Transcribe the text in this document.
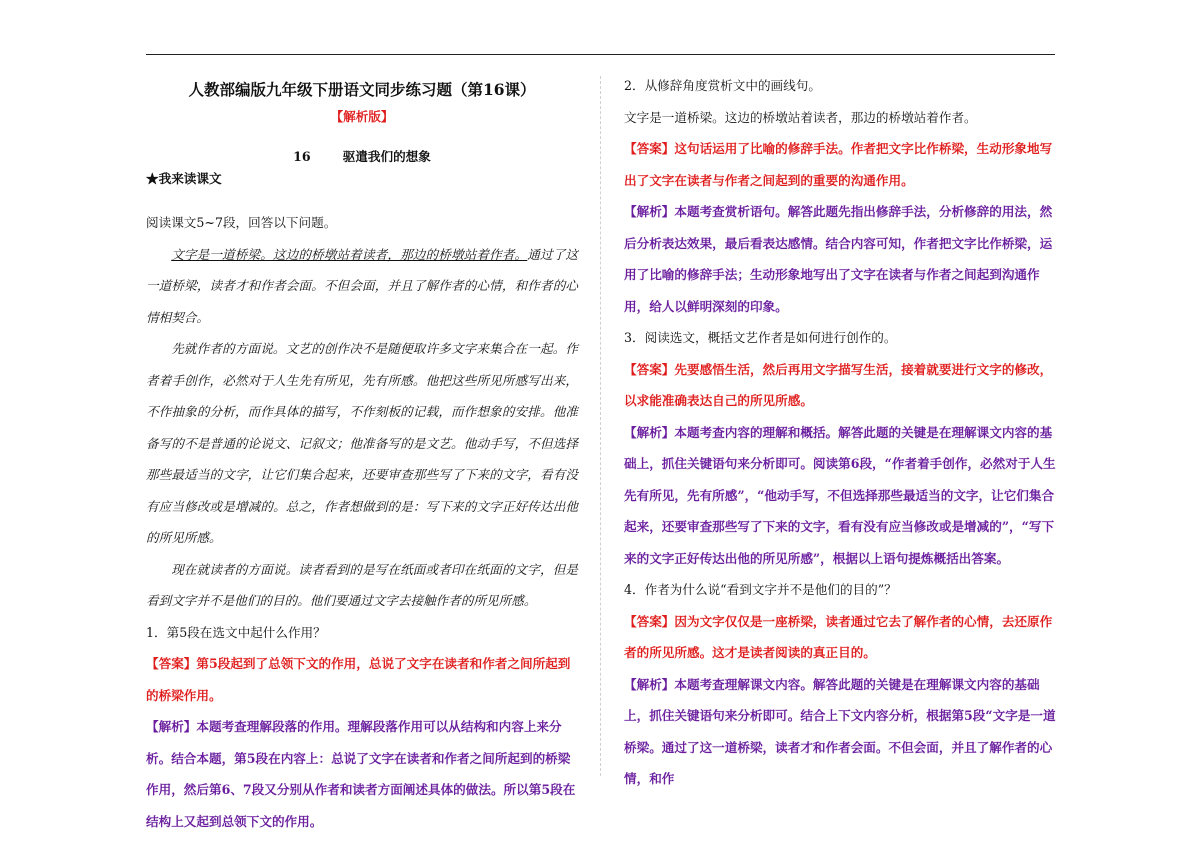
人教部编版九年级下册语文同步练习题（第16课）
【解析版】
16	驱遣我们的想象
★我来读课文

阅读课文5~7段，回答以下问题。

文字是一道桥梁。这边的桥墩站着读者，那边的桥墩站着作者。通过了这一道桥梁，读者才和作者会面。不但会面，并且了解作者的心情，和作者的心情相契合。

先就作者的方面说。文艺的创作决不是随便取许多文字来集合在一起。作者着手创作，必然对于人生先有所见，先有所感。他把这些所见所感写出来，不作抽象的分析，而作具体的描写，不作刻板的记载，而作想象的安排。他准备写的不是普通的论说文、记叙文；他准备写的是文艺。他动手写，不但选择那些最适当的文字，让它们集合起来，还要审查那些写了下来的文字，看有没有应当修改或是增减的。总之，作者想做到的是：写下来的文字正好传达出他的所见所感。

现在就读者的方面说。读者看到的是写在纸面或者印在纸面的文字，但是看到文字并不是他们的目的。他们要通过文字去接触作者的所见所感。

1．第5段在选文中起什么作用？

【答案】第5段起到了总领下文的作用，总说了文字在读者和作者之间所起到的桥梁作用。

【解析】本题考查理解段落的作用。理解段落作用可以从结构和内容上来分析。结合本题，第5段在内容上：总说了文字在读者和作者之间所起到的桥梁作用，然后第6、7段又分别从作者和读者方面阐述具体的做法。所以第5段在结构上又起到总领下文的作用。

2．从修辞角度赏析文中的画线句。

文字是一道桥梁。这边的桥墩站着读者，那边的桥墩站着作者。

【答案】这句话运用了比喻的修辞手法。作者把文字比作桥梁，生动形象地写出了文字在读者与作者之间起到的重要的沟通作用。

【解析】本题考查赏析语句。解答此题先指出修辞手法，分析修辞的用法，然后分析表达效果，最后看表达感情。结合内容可知，作者把文字比作桥梁，运用了比喻的修辞手法；生动形象地写出了文字在读者与作者之间起到沟通作用，给人以鲜明深刻的印象。

3．阅读选文，概括文艺作者是如何进行创作的。

【答案】先要感悟生活，然后再用文字描写生活，接着就要进行文字的修改，以求能准确表达自己的所见所感。

【解析】本题考查内容的理解和概括。解答此题的关键是在理解课文内容的基础上，抓住关键语句来分析即可。阅读第6段，“作者着手创作，必然对于人生先有所见，先有所感”，“他动手写，不但选择那些最适当的文字，让它们集合起来，还要审查那些写了下来的文字，看有没有应当修改或是增减的”，“写下来的文字正好传达出他的所见所感”，根据以上语句提炼概括出答案。

4．作者为什么说“看到文字并不是他们的目的”？

【答案】因为文字仅仅是一座桥梁，读者通过它去了解作者的心情，去还原作者的所见所感。这才是读者阅读的真正目的。

【解析】本题考查理解课文内容。解答此题的关键是在理解课文内容的基础上，抓住关键语句来分析即可。结合上下文内容分析，根据第5段“文字是一道桥梁。通过了这一道桥梁，读者才和作者会面。不但会面，并且了解作者的心情，和作
